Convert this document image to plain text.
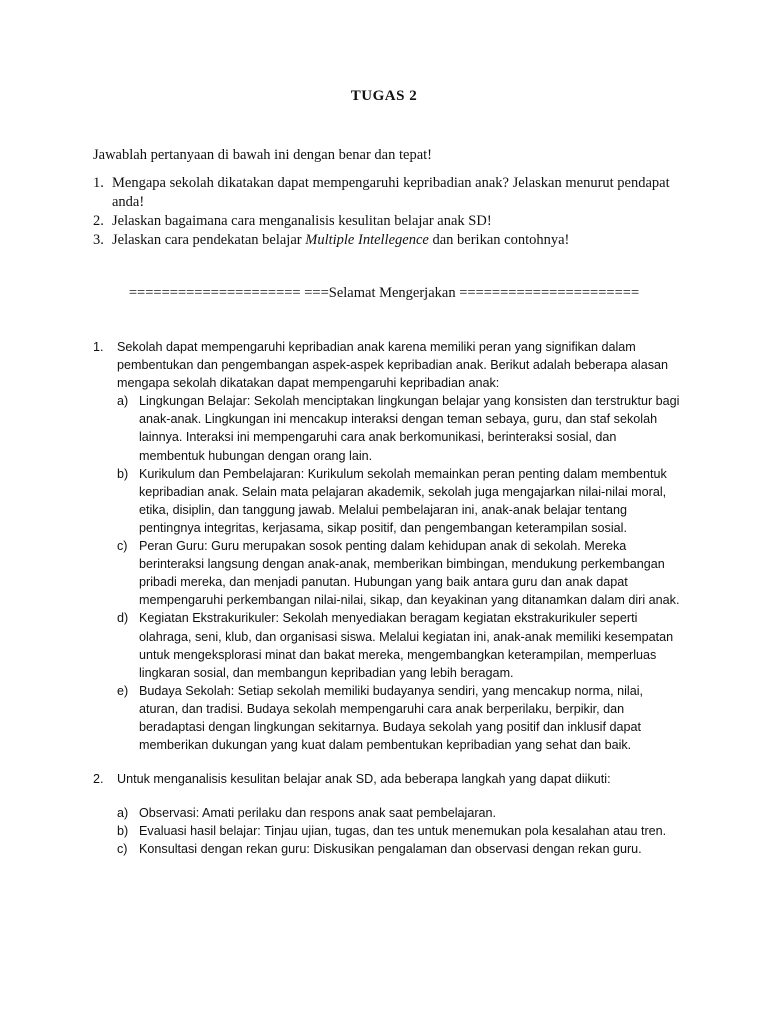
TUGAS 2
Jawablah pertanyaan di bawah ini dengan benar dan tepat!
1. Mengapa sekolah dikatakan dapat mempengaruhi kepribadian anak? Jelaskan menurut pendapat anda!
2. Jelaskan bagaimana cara menganalisis kesulitan belajar anak SD!
3. Jelaskan cara pendekatan belajar Multiple Intellegence dan berikan contohnya!
===================== ===Selamat Mengerjakan ======================
1.	Sekolah dapat mempengaruhi kepribadian anak karena memiliki peran yang signifikan dalam pembentukan dan pengembangan aspek-aspek kepribadian anak. Berikut adalah beberapa alasan mengapa sekolah dikatakan dapat mempengaruhi kepribadian anak:
a) Lingkungan Belajar: Sekolah menciptakan lingkungan belajar yang konsisten dan terstruktur bagi anak-anak. Lingkungan ini mencakup interaksi dengan teman sebaya, guru, dan staf sekolah lainnya. Interaksi ini mempengaruhi cara anak berkomunikasi, berinteraksi sosial, dan membentuk hubungan dengan orang lain.
b) Kurikulum dan Pembelajaran: Kurikulum sekolah memainkan peran penting dalam membentuk kepribadian anak. Selain mata pelajaran akademik, sekolah juga mengajarkan nilai-nilai moral, etika, disiplin, dan tanggung jawab. Melalui pembelajaran ini, anak-anak belajar tentang pentingnya integritas, kerjasama, sikap positif, dan pengembangan keterampilan sosial.
c) Peran Guru: Guru merupakan sosok penting dalam kehidupan anak di sekolah. Mereka berinteraksi langsung dengan anak-anak, memberikan bimbingan, mendukung perkembangan pribadi mereka, dan menjadi panutan. Hubungan yang baik antara guru dan anak dapat mempengaruhi perkembangan nilai-nilai, sikap, dan keyakinan yang ditanamkan dalam diri anak.
d) Kegiatan Ekstrakurikuler: Sekolah menyediakan beragam kegiatan ekstrakurikuler seperti olahraga, seni, klub, dan organisasi siswa. Melalui kegiatan ini, anak-anak memiliki kesempatan untuk mengeksplorasi minat dan bakat mereka, mengembangkan keterampilan, memperluas lingkaran sosial, dan membangun kepribadian yang lebih beragam.
e) Budaya Sekolah: Setiap sekolah memiliki budayanya sendiri, yang mencakup norma, nilai, aturan, dan tradisi. Budaya sekolah mempengaruhi cara anak berperilaku, berpikir, dan beradaptasi dengan lingkungan sekitarnya. Budaya sekolah yang positif dan inklusif dapat memberikan dukungan yang kuat dalam pembentukan kepribadian yang sehat dan baik.
2.	Untuk menganalisis kesulitan belajar anak SD, ada beberapa langkah yang dapat diikuti:
a) Observasi: Amati perilaku dan respons anak saat pembelajaran.
b) Evaluasi hasil belajar: Tinjau ujian, tugas, dan tes untuk menemukan pola kesalahan atau tren.
c) Konsultasi dengan rekan guru: Diskusikan pengalaman dan observasi dengan rekan guru.
